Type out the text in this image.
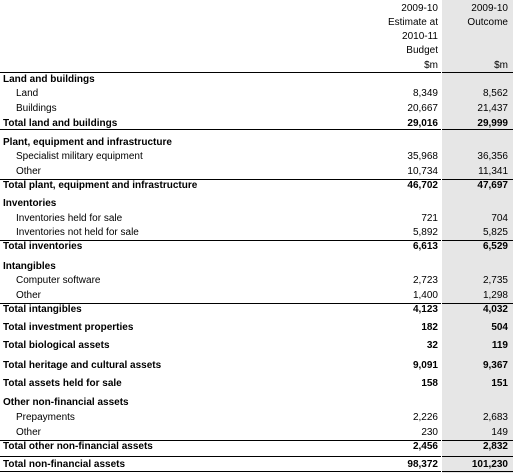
2009-10
Estimate at
2010-11
Budget
$m
2009-10
Outcome
$m
Land and buildings
Land	8,349	8,562
Buildings	20,667	21,437
Total land and buildings	29,016	29,999
Plant, equipment and infrastructure
Specialist military equipment	35,968	36,356
Other	10,734	11,341
Total plant, equipment and infrastructure	46,702	47,697
Inventories
Inventories held for sale	721	704
Inventories not held for sale	5,892	5,825
Total inventories	6,613	6,529
Intangibles
Computer software	2,723	2,735
Other	1,400	1,298
Total intangibles	4,123	4,032
Total investment properties	182	504
Total biological assets	32	119
Total heritage and cultural assets	9,091	9,367
Total assets held for sale	158	151
Other non-financial assets
Prepayments	2,226	2,683
Other	230	149
Total other non-financial assets	2,456	2,832
Total non-financial assets	98,372	101,230
